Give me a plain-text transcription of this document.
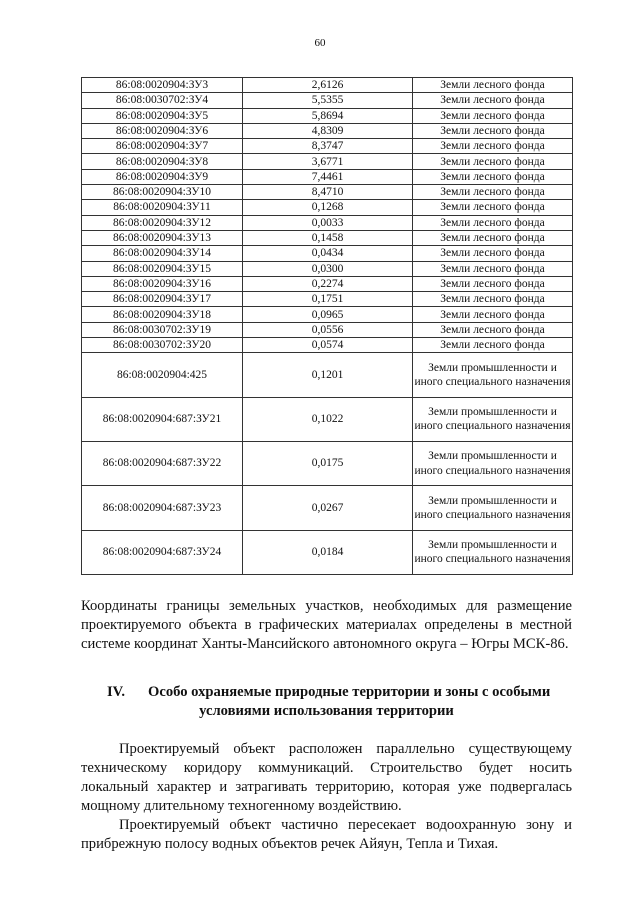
60
86:08:0020904:ЗУ3	2,6126	Земли лесного фонда
86:08:0030702:ЗУ4	5,5355	Земли лесного фонда
86:08:0020904:ЗУ5	5,8694	Земли лесного фонда
86:08:0020904:ЗУ6	4,8309	Земли лесного фонда
86:08:0020904:ЗУ7	8,3747	Земли лесного фонда
86:08:0020904:ЗУ8	3,6771	Земли лесного фонда
86:08:0020904:ЗУ9	7,4461	Земли лесного фонда
86:08:0020904:ЗУ10	8,4710	Земли лесного фонда
86:08:0020904:ЗУ11	0,1268	Земли лесного фонда
86:08:0020904:ЗУ12	0,0033	Земли лесного фонда
86:08:0020904:ЗУ13	0,1458	Земли лесного фонда
86:08:0020904:ЗУ14	0,0434	Земли лесного фонда
86:08:0020904:ЗУ15	0,0300	Земли лесного фонда
86:08:0020904:ЗУ16	0,2274	Земли лесного фонда
86:08:0020904:ЗУ17	0,1751	Земли лесного фонда
86:08:0020904:ЗУ18	0,0965	Земли лесного фонда
86:08:0030702:ЗУ19	0,0556	Земли лесного фонда
86:08:0030702:ЗУ20	0,0574	Земли лесного фонда
86:08:0020904:425	0,1201	Земли промышленности и иного специального назначения
86:08:0020904:687:ЗУ21	0,1022	Земли промышленности и иного специального назначения
86:08:0020904:687:ЗУ22	0,0175	Земли промышленности и иного специального назначения
86:08:0020904:687:ЗУ23	0,0267	Земли промышленности и иного специального назначения
86:08:0020904:687:ЗУ24	0,0184	Земли промышленности и иного специального назначения

Координаты границы земельных участков, необходимых для размещение проектируемого объекта в графических материалах определены в местной системе координат Ханты-Мансийского автономного округа – Югры МСК-86.

IV. Особо охраняемые природные территории и зоны с особыми
условиями использования территории

Проектируемый объект расположен параллельно существующему техническому коридору коммуникаций. Строительство будет носить локальный характер и затрагивать территорию, которая уже подвергалась мощному длительному техногенному воздействию.

Проектируемый объект частично пересекает водоохранную зону и прибрежную полосу водных объектов речек Айяун, Тепла и Тихая.
